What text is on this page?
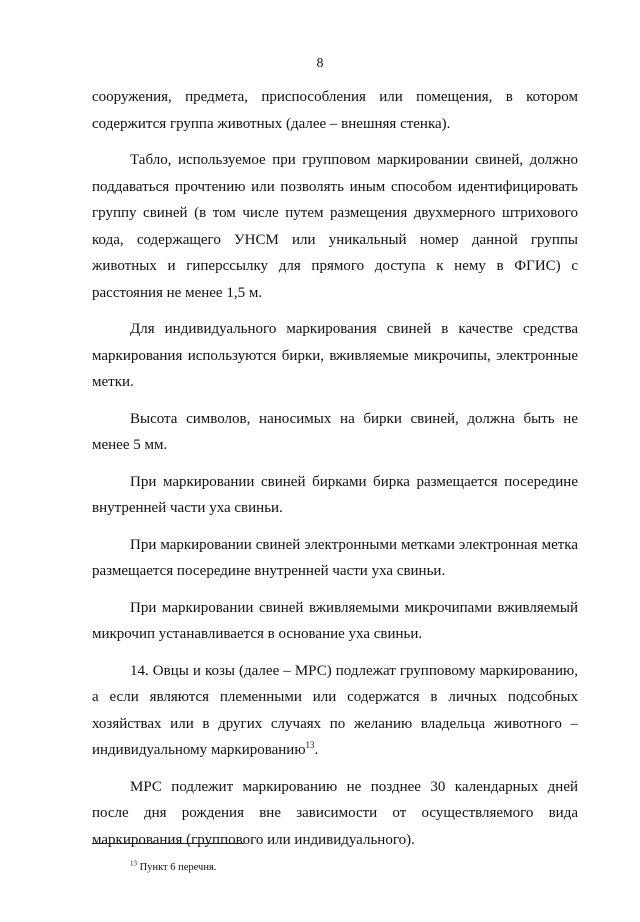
8

сооружения, предмета, приспособления или помещения, в котором содержится группа животных (далее – внешняя стенка).

Табло, используемое при групповом маркировании свиней, должно поддаваться прочтению или позволять иным способом идентифицировать группу свиней (в том числе путем размещения двухмерного штрихового кода, содержащего УНСМ или уникальный номер данной группы животных и гиперссылку для прямого доступа к нему в ФГИС) с расстояния не менее 1,5 м.

Для индивидуального маркирования свиней в качестве средства маркирования используются бирки, вживляемые микрочипы, электронные метки.

Высота символов, наносимых на бирки свиней, должна быть не менее 5 мм.

При маркировании свиней бирками бирка размещается посередине внутренней части уха свиньи.

При маркировании свиней электронными метками электронная метка размещается посередине внутренней части уха свиньи.

При маркировании свиней вживляемыми микрочипами вживляемый микрочип устанавливается в основание уха свиньи.

14. Овцы и козы (далее – МРС) подлежат групповому маркированию, а если являются племенными или содержатся в личных подсобных хозяйствах или в других случаях по желанию владельца животного – индивидуальному маркированию$^{13}$.

МРС подлежит маркированию не позднее 30 календарных дней после дня рождения вне зависимости от осуществляемого вида маркирования (группового или индивидуального).

$^{13}$ Пункт 6 перечня.
